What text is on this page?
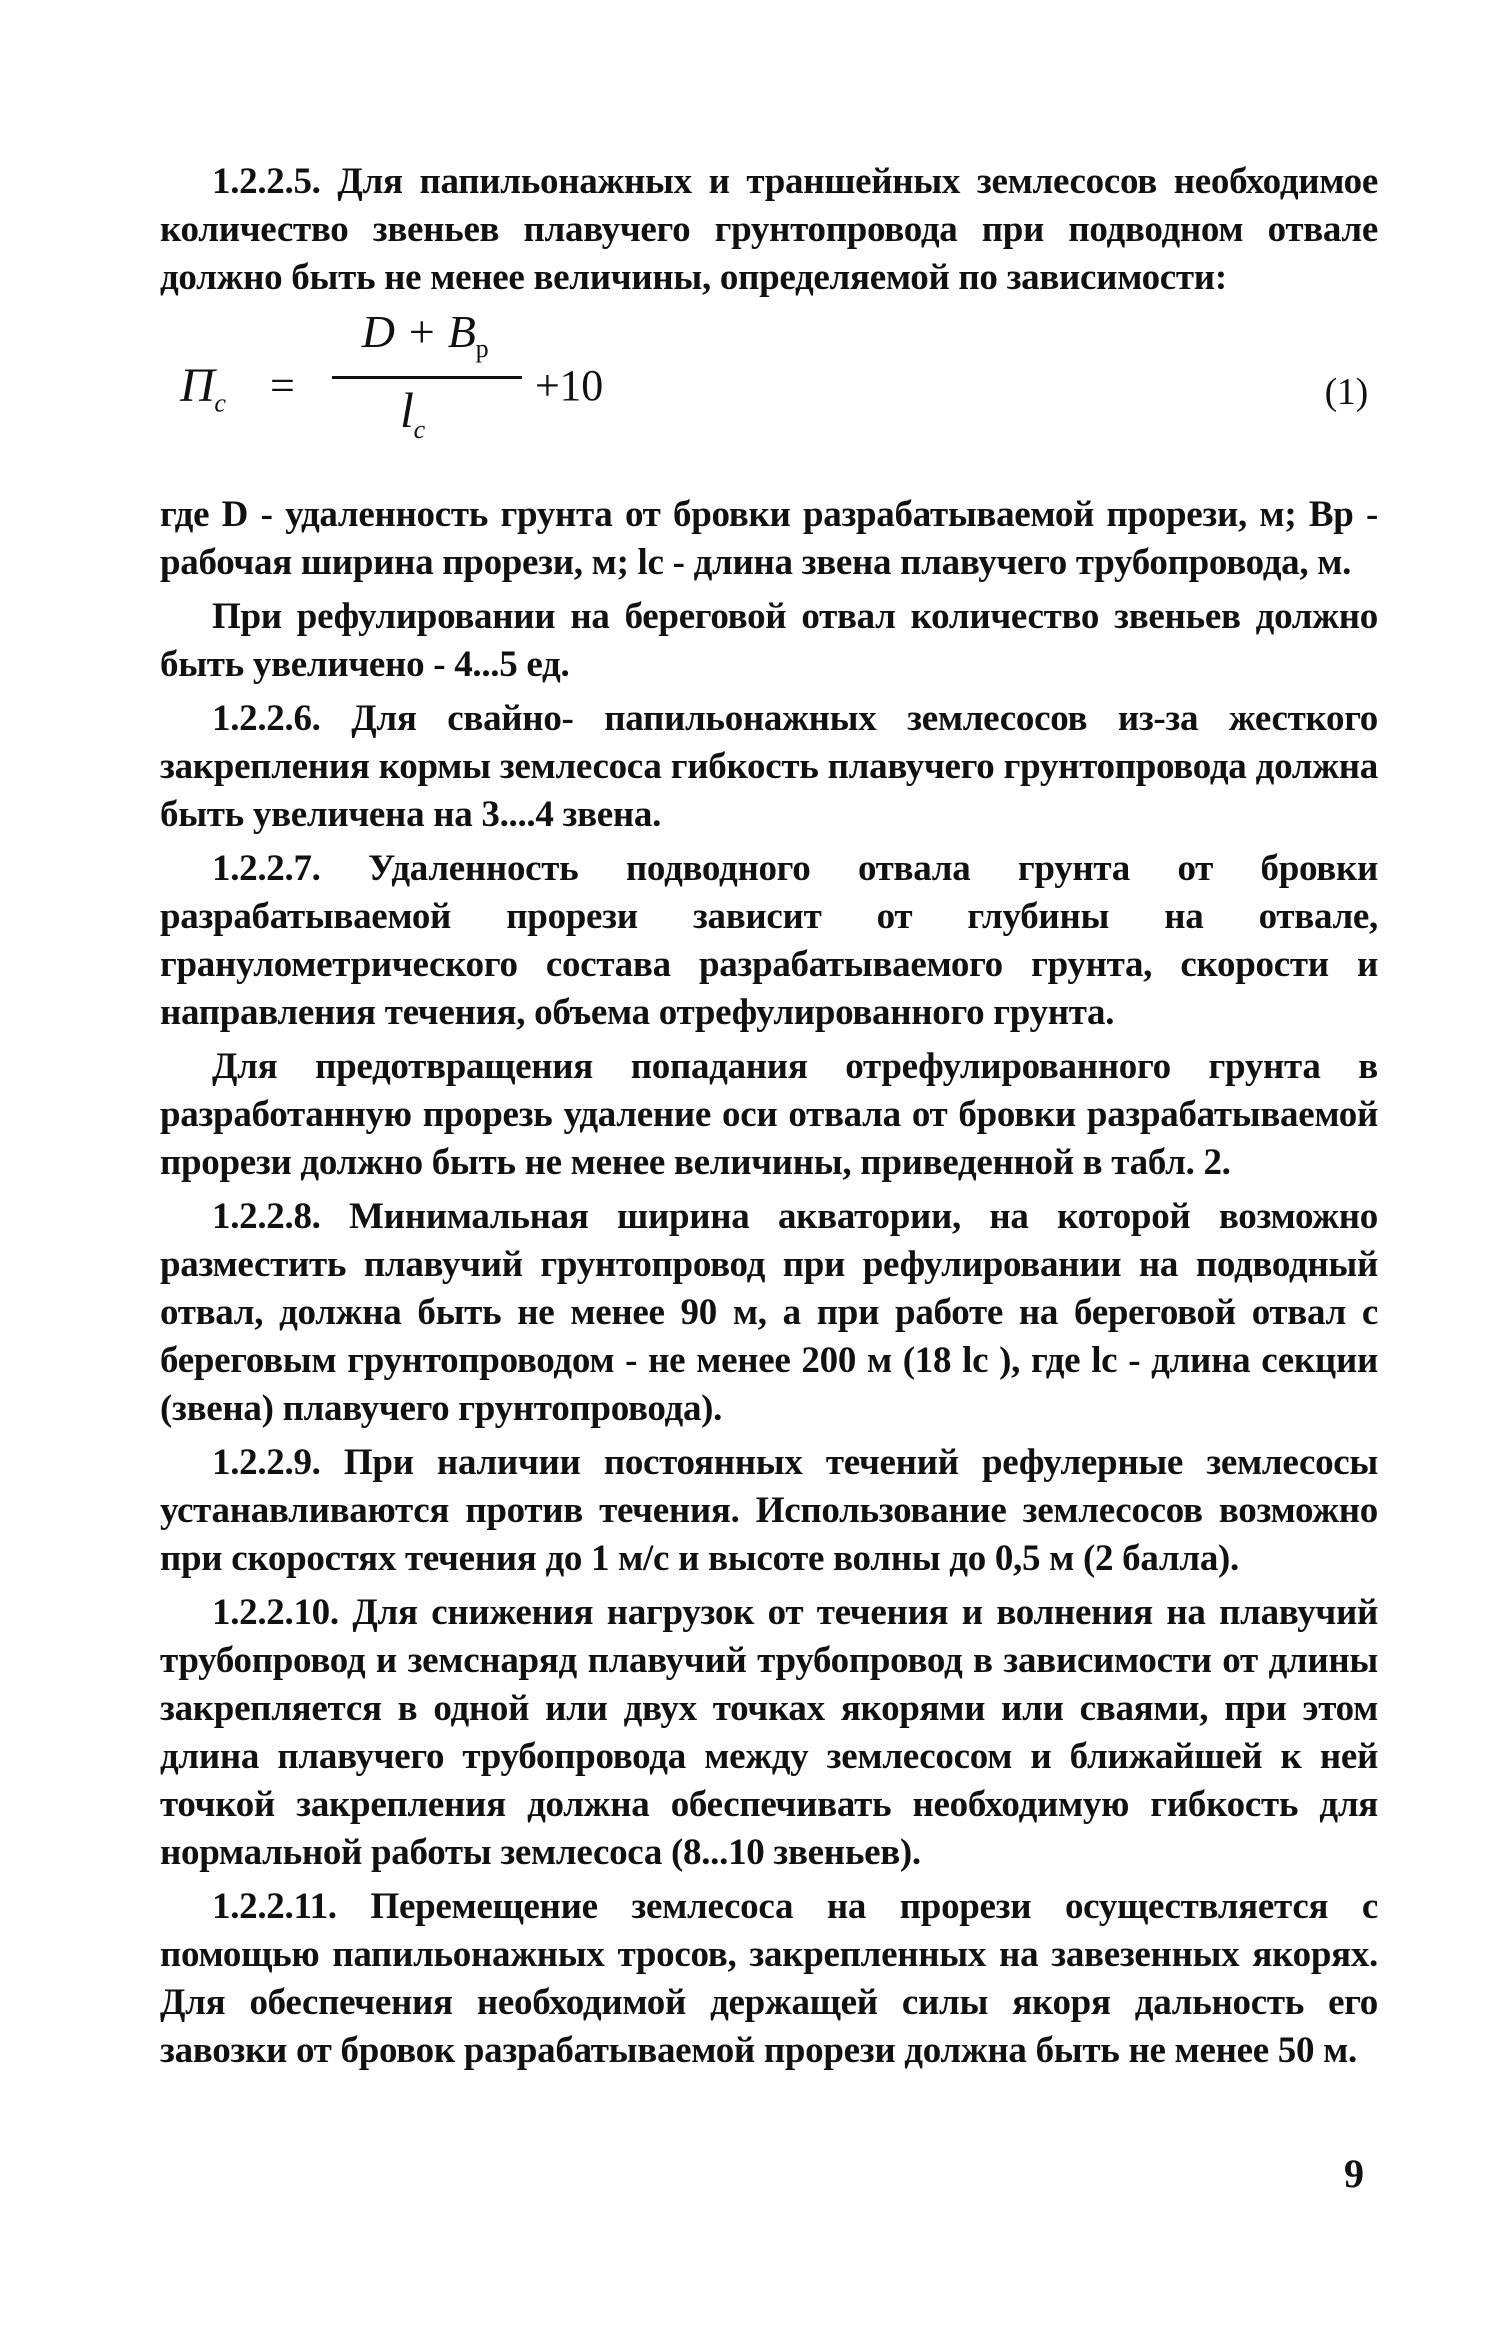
1.2.2.5. Для папильонажных и траншейных землесосов необходимое количество звеньев плавучего грунтопровода при подводном отвале должно быть не менее величины, определяемой по зависимости:

$П_c$ =
$D + B_p$
$l_c$
+10	(1)

где D - удаленность грунта от бровки разрабатываемой прорези, м; Bр - рабочая ширина прорези, м; lc - длина звена плавучего трубопровода, м.

При рефулировании на береговой отвал количество звеньев должно быть увеличено - 4...5 ед.

1.2.2.6. Для свайно- папильонажных землесосов из-за жесткого закрепления кормы землесоса гибкость плавучего грунтопровода должна быть увеличена на 3....4 звена.

1.2.2.7. Удаленность подводного отвала грунта от бровки разрабатываемой прорези зависит от глубины на отвале, гранулометрического состава разрабатываемого грунта, скорости и направления течения, объема отрефулированного грунта.

Для предотвращения попадания отрефулированного грунта в разработанную прорезь удаление оси отвала от бровки разрабатываемой прорези должно быть не менее величины, приведенной в табл. 2.

1.2.2.8. Минимальная ширина акватории, на которой возможно разместить плавучий грунтопровод при рефулировании на подводный отвал, должна быть не менее 90 м, а при работе на береговой отвал с береговым грунтопроводом - не менее 200 м (18 lc ), где lc - длина секции (звена) плавучего грунтопровода).

1.2.2.9. При наличии постоянных течений рефулерные землесосы устанавливаются против течения. Использование землесосов возможно при скоростях течения до 1 м/с и высоте волны до 0,5 м (2 балла).

1.2.2.10. Для снижения нагрузок от течения и волнения на плавучий трубопровод и земснаряд плавучий трубопровод в зависимости от длины закрепляется в одной или двух точках якорями или сваями, при этом длина плавучего трубопровода между землесосом и ближайшей к ней точкой закрепления должна обеспечивать необходимую гибкость для нормальной работы землесоса (8...10 звеньев).

1.2.2.11. Перемещение землесоса на прорези осуществляется с помощью папильонажных тросов, закрепленных на завезенных якорях. Для обеспечения необходимой держащей силы якоря дальность его завозки от бровок разрабатываемой прорези должна быть не менее 50 м.

9
